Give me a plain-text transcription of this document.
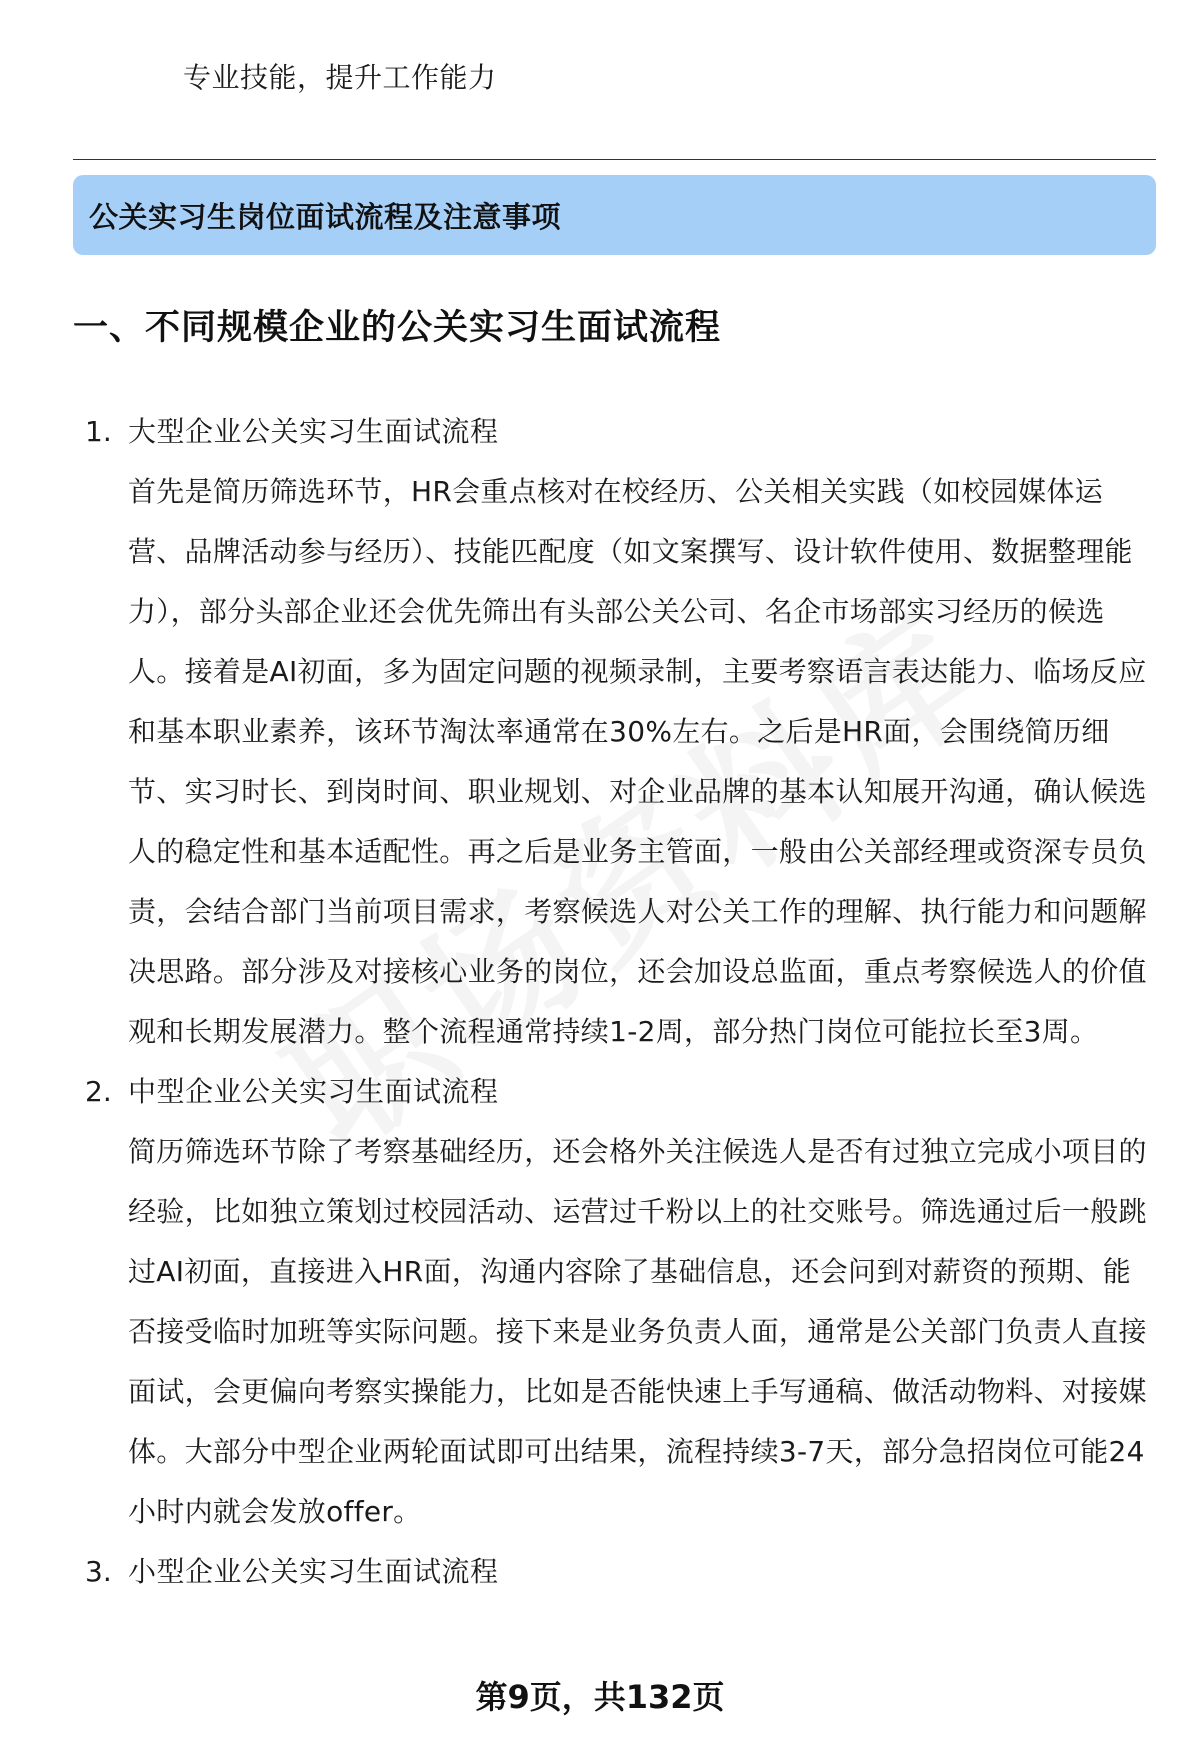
专业技能，提升工作能力
公关实习生岗位面试流程及注意事项
一、不同规模企业的公关实习生面试流程
1. 大型企业公关实习生面试流程
首先是简历筛选环节，HR会重点核对在校经历、公关相关实践（如校园媒体运营、品牌活动参与经历）、技能匹配度（如文案撰写、设计软件使用、数据整理能力），部分头部企业还会优先筛出有头部公关公司、名企市场部实习经历的候选人。接着是AI初面，多为固定问题的视频录制，主要考察语言表达能力、临场反应和基本职业素养，该环节淘汰率通常在30%左右。之后是HR面，会围绕简历细节、实习时长、到岗时间、职业规划、对企业品牌的基本认知展开沟通，确认候选人的稳定性和基本适配性。再之后是业务主管面，一般由公关部经理或资深专员负责，会结合部门当前项目需求，考察候选人对公关工作的理解、执行能力和问题解决思路。部分涉及对接核心业务的岗位，还会加设总监面，重点考察候选人的价值观和长期发展潜力。整个流程通常持续1-2周，部分热门岗位可能拉长至3周。
2. 中型企业公关实习生面试流程
简历筛选环节除了考察基础经历，还会格外关注候选人是否有过独立完成小项目的经验，比如独立策划过校园活动、运营过千粉以上的社交账号。筛选通过后一般跳过AI初面，直接进入HR面，沟通内容除了基础信息，还会问到对薪资的预期、能否接受临时加班等实际问题。接下来是业务负责人面，通常是公关部门负责人直接面试，会更偏向考察实操能力，比如是否能快速上手写通稿、做活动物料、对接媒体。大部分中型企业两轮面试即可出结果，流程持续3-7天，部分急招岗位可能24小时内就会发放offer。
3. 小型企业公关实习生面试流程
第9页，共132页
